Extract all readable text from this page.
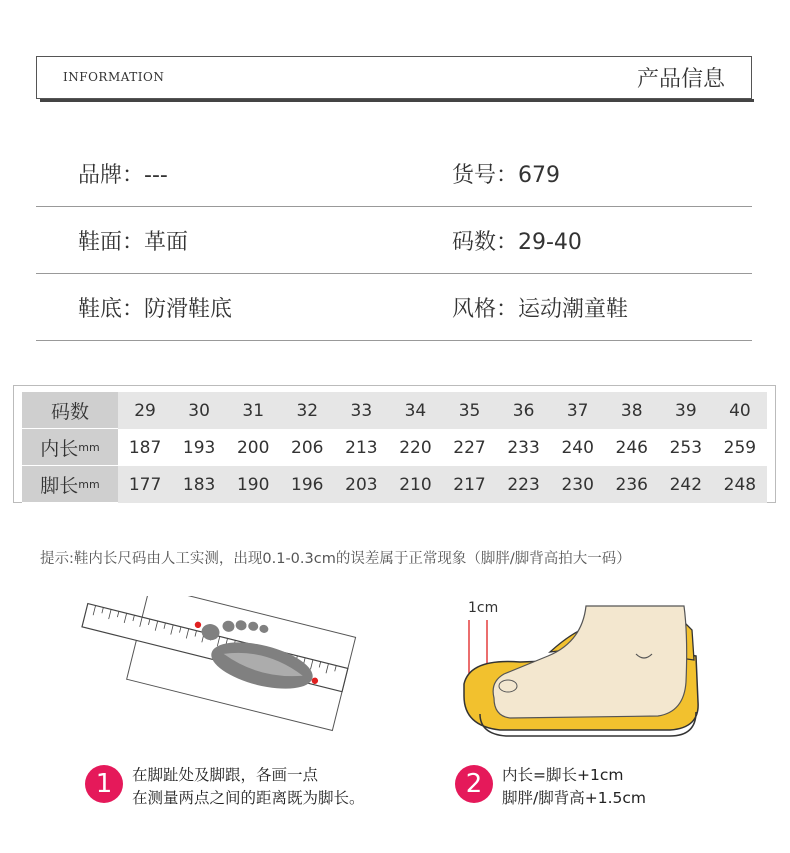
INFORMATION	产品信息
品牌：---	货号：679
鞋面：革面	码数：29-40
鞋底：防滑鞋底	风格：运动潮童鞋
码数	29 30 31 32 33 34 35 36 37 38 39 40
内长 mm 187 193 200 206 213 220 227 233 240 246 253 259
脚长 mm 177 183 190 196 203 210 217 223 230 236 242 248
提示:鞋内长尺码由人工实测，出现0.1-0.3cm的误差属于正常现象（脚胖/脚背高拍大一码）
1cm
1	在脚趾处及脚跟，各画一点
在测量两点之间的距离既为脚长。	2	内长=脚长+1cm
脚胖/脚背高+1.5cm
